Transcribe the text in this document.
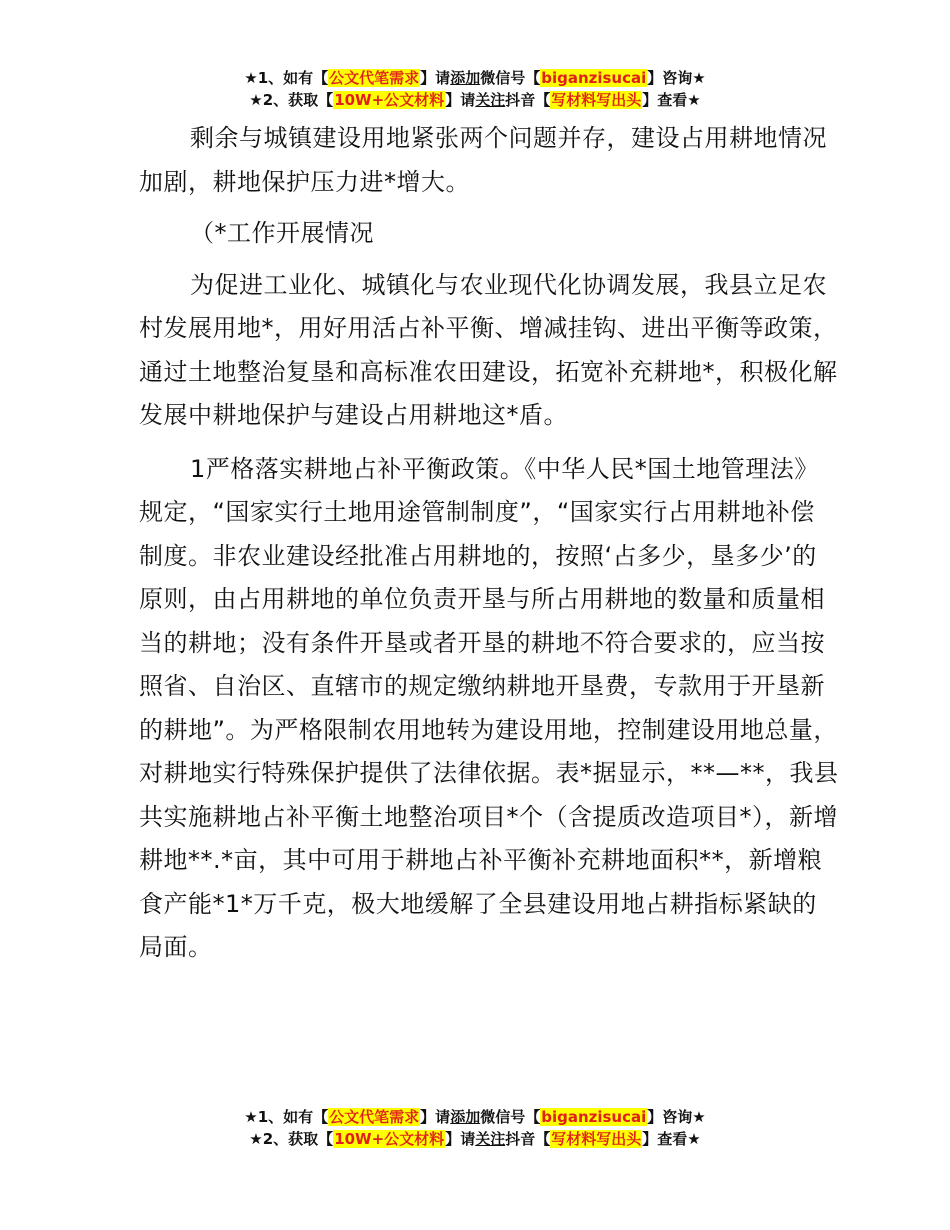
★1、如有【公文代笔需求】请添加微信号【biganzisucai】咨询★
★2、获取【10W+公文材料】请关注抖音【写材料写出头】查看★

剩余与城镇建设用地紧张两个问题并存，建设占用耕地情况加剧，耕地保护压力进*增大。

（*工作开展情况

为促进工业化、城镇化与农业现代化协调发展，我县立足农村发展用地*，用好用活占补平衡、增减挂钩、进出平衡等政策，通过土地整治复垦和高标准农田建设，拓宽补充耕地*，积极化解发展中耕地保护与建设占用耕地这*盾。

1严格落实耕地占补平衡政策。《中华人民*国土地管理法》规定，“国家实行土地用途管制制度”，“国家实行占用耕地补偿制度。非农业建设经批准占用耕地的，按照‘占多少，垦多少’的原则，由占用耕地的单位负责开垦与所占用耕地的数量和质量相当的耕地；没有条件开垦或者开垦的耕地不符合要求的，应当按照省、自治区、直辖市的规定缴纳耕地开垦费，专款用于开垦新的耕地”。为严格限制农用地转为建设用地，控制建设用地总量，对耕地实行特殊保护提供了法律依据。表*据显示，**—**，我县共实施耕地占补平衡土地整治项目*个（含提质改造项目*），新增耕地**.*亩，其中可用于耕地占补平衡补充耕地面积**，新增粮食产能*1*万千克，极大地缓解了全县建设用地占耕指标紧缺的局面。

★1、如有【公文代笔需求】请添加微信号【biganzisucai】咨询★
★2、获取【10W+公文材料】请关注抖音【写材料写出头】查看★
